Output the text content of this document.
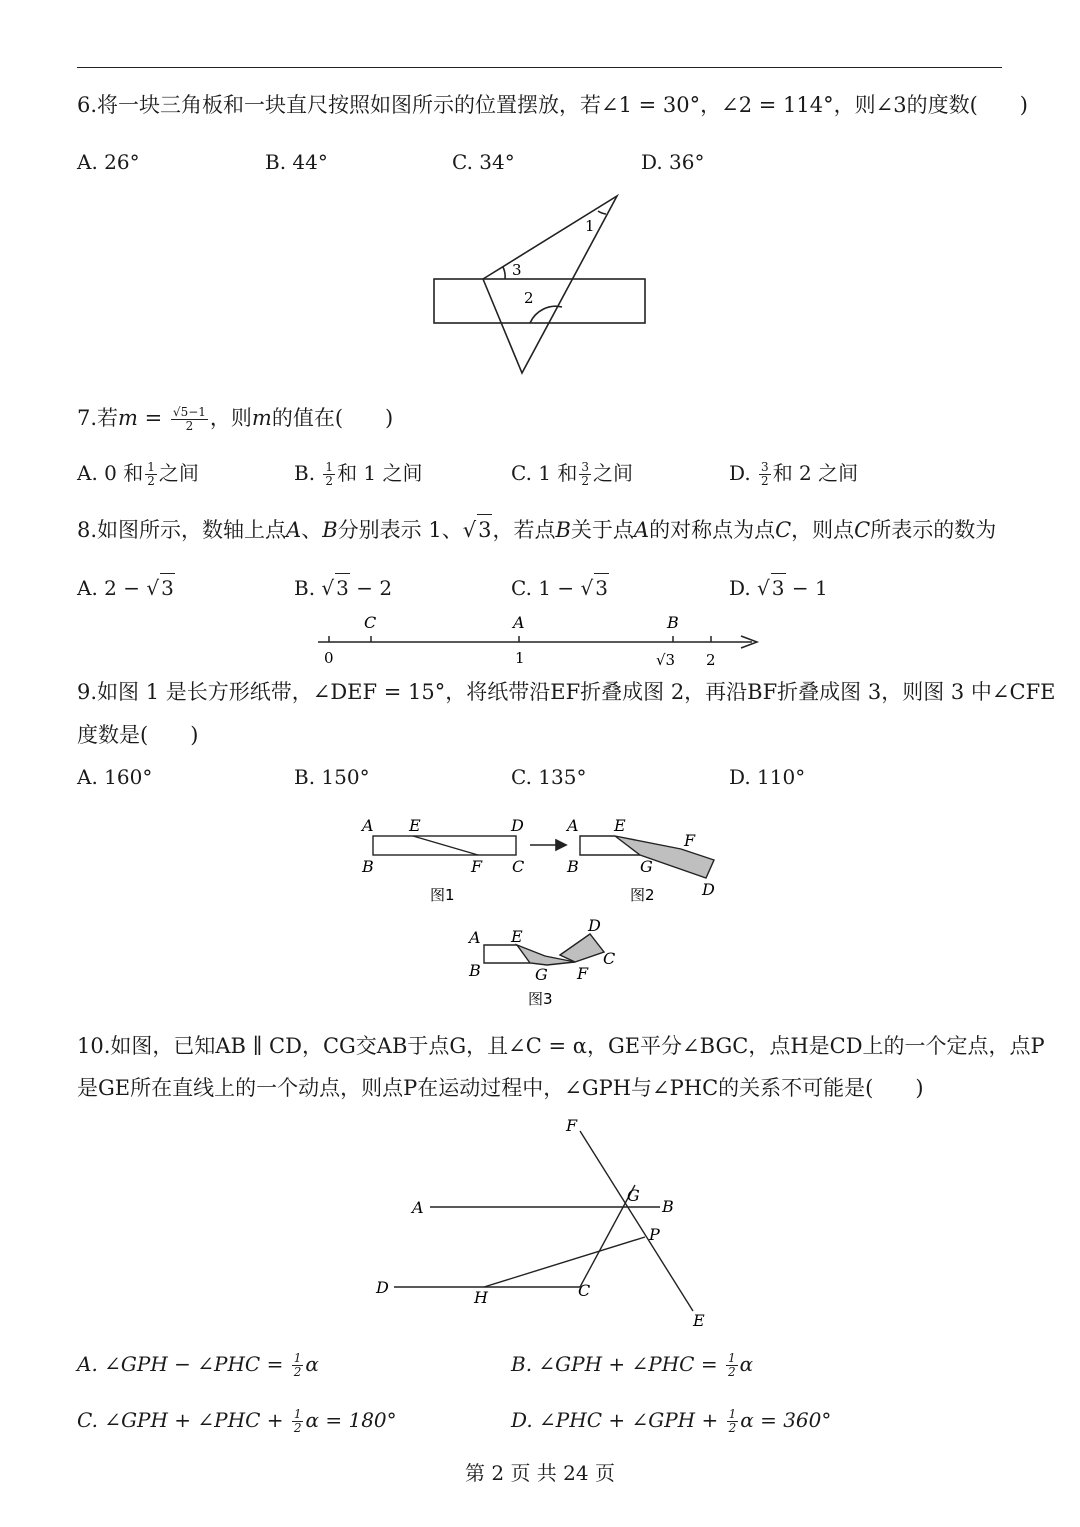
6.将一块三角板和一块直尺按照如图所示的位置摆放，若∠1 = 30°，∠2 = 114°，则∠3的度数(　　)
A. 26°	B. 44°	C. 34°	D. 36°
1
2
3
7.若$m = \frac{√5-1}{2}$ ，则m的值在(　　)
A. 0 和 $\frac{1}{2}$ 之间	B. $\frac{1}{2}$ 和 1 之间	C. 1 和 $\frac{3}{2}$ 之间	D. $\frac{3}{2}$ 和 2 之间
8.如图所示，数轴上点A、B分别表示 1、√3，若点B关于点A的对称点为点C，则点C所表示的数为
A. 2 − √ 3	B. √ 3 − 2	C. 1 − √ 3	D. √ 3 − 1
C	A	B
0	1	√3 2
9.如图 1 是长方形纸带，∠DEF = 15°，将纸带沿EF折叠成图 2，再沿BF折叠成图 3，则图 3 中∠CFE
度数是(　　)
A. 160°	B. 150°	C. 135°	D. 110°
A E	D
B	F C
图1
A E
F
B	G
D
图2
A E
D
C
B	G F
图3
10.如图，已知AB ∥ CD，CG交AB于点G，且∠C = α，GE平分∠BGC，点H是CD上的一个定点，点P
是GE所在直线上的一个动点，则点P在运动过程中，∠GPH与∠PHC的关系不可能是(　　)
F
A
G
B
P
D
H	C
E
A. ∠GPH − ∠PHC = $\frac{1}{2}$ α	B. ∠GPH + ∠PHC = $\frac{1}{2}$ α
C. ∠GPH + ∠PHC + $\frac{1}{2}$ α = 180°	D. ∠PHC + ∠GPH + $\frac{1}{2}$ α = 360°
第 2 页 共 24 页
